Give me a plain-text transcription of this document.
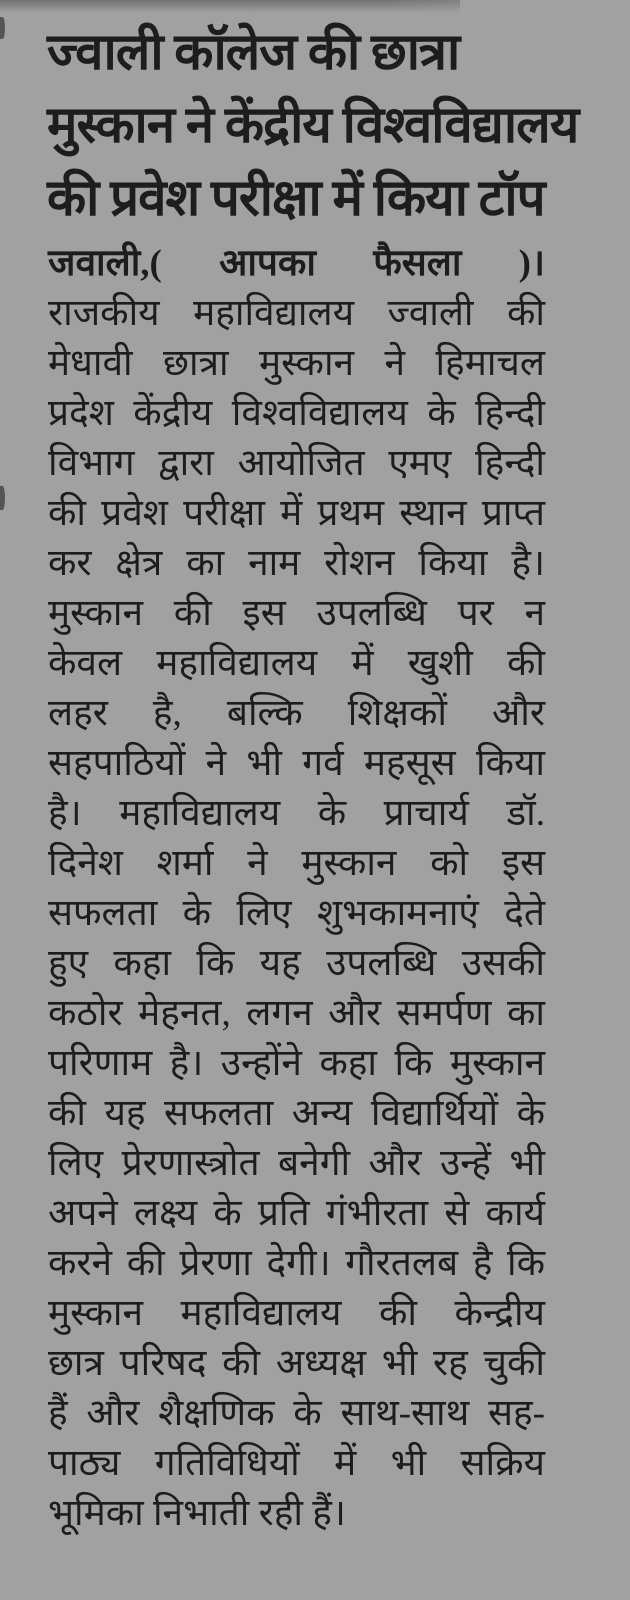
ज्वाली कॉलेज की छात्रा
मुस्कान ने केंद्रीय विश्वविद्यालय
की प्रवेश परीक्षा में किया टॉप
जवाली,( आपका फैसला )।
राजकीय महाविद्यालय ज्वाली की
मेधावी छात्रा मुस्कान ने हिमाचल
प्रदेश केंद्रीय विश्वविद्यालय के हिन्दी
विभाग द्वारा आयोजित एमए हिन्दी
की प्रवेश परीक्षा में प्रथम स्थान प्राप्त
कर क्षेत्र का नाम रोशन किया है।
मुस्कान की इस उपलब्धि पर न
केवल महाविद्यालय में खुशी की
लहर है, बल्कि शिक्षकों और
सहपाठियों ने भी गर्व महसूस किया
है। महाविद्यालय के प्राचार्य डॉ.
दिनेश शर्मा ने मुस्कान को इस
सफलता के लिए शुभकामनाएं देते
हुए कहा कि यह उपलब्धि उसकी
कठोर मेहनत, लगन और समर्पण का
परिणाम है। उन्होंने कहा कि मुस्कान
की यह सफलता अन्य विद्यार्थियों के
लिए प्रेरणास्त्रोत बनेगी और उन्हें भी
अपने लक्ष्य के प्रति गंभीरता से कार्य
करने की प्रेरणा देगी। गौरतलब है कि
मुस्कान महाविद्यालय की केन्द्रीय
छात्र परिषद की अध्यक्ष भी रह चुकी
हैं और शैक्षणिक के साथ-साथ सह-
पाठ्य गतिविधियों में भी सक्रिय
भूमिका निभाती रही हैं।
